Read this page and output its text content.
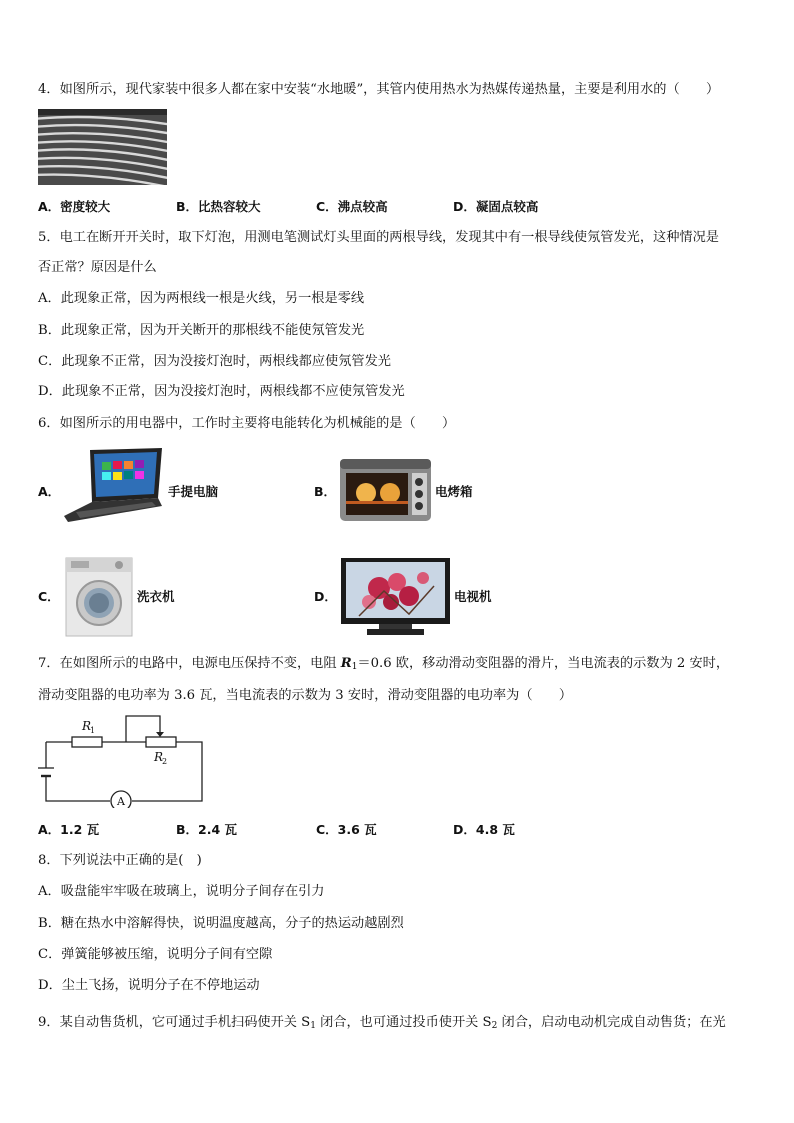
4．如图所示，现代家装中很多人都在家中安装“水地暖”，其管内使用热水为热媒传递热量，主要是利用水的（　　）
A．密度较大	B．比热容较大	C．沸点较高	D．凝固点较高
5．电工在断开开关时，取下灯泡，用测电笔测试灯头里面的两根导线，发现其中有一根导线使氖管发光，这种情况是
否正常？原因是什么
A．此现象正常，因为两根线一根是火线，另一根是零线
B．此现象正常，因为开关断开的那根线不能使氖管发光
C．此现象不正常，因为没接灯泡时，两根线都应使氖管发光
D．此现象不正常，因为没接灯泡时，两根线都不应使氖管发光
6．如图所示的用电器中，工作时主要将电能转化为机械能的是（　　）
A．	手提电脑	B．	电烤箱
C．	洗衣机	D．	电视机
7．在如图所示的电路中，电源电压保持不变，电阻 $R_1=0.6$ 欧，移动滑动变阻器的滑片，当电流表的示数为 2 安时，
滑动变阻器的电功率为 3.6 瓦，当电流表的示数为 3 安时，滑动变阻器的电功率为（　　）
R
1
R
2
A
A．1.2 瓦	B．2.4 瓦	C．3.6 瓦	D．4.8 瓦
8．下列说法中正确的是(　)
A．吸盘能牢牢吸在玻璃上，说明分子间存在引力
B．糖在热水中溶解得快，说明温度越高，分子的热运动越剧烈
C．弹簧能够被压缩，说明分子间有空隙
D．尘土飞扬，说明分子在不停地运动
9．某自动售货机，它可通过手机扫码使开关 $S_1$ 闭合，也可通过投币使开关 $S_2$ 闭合，启动电动机完成自动售货；在光
